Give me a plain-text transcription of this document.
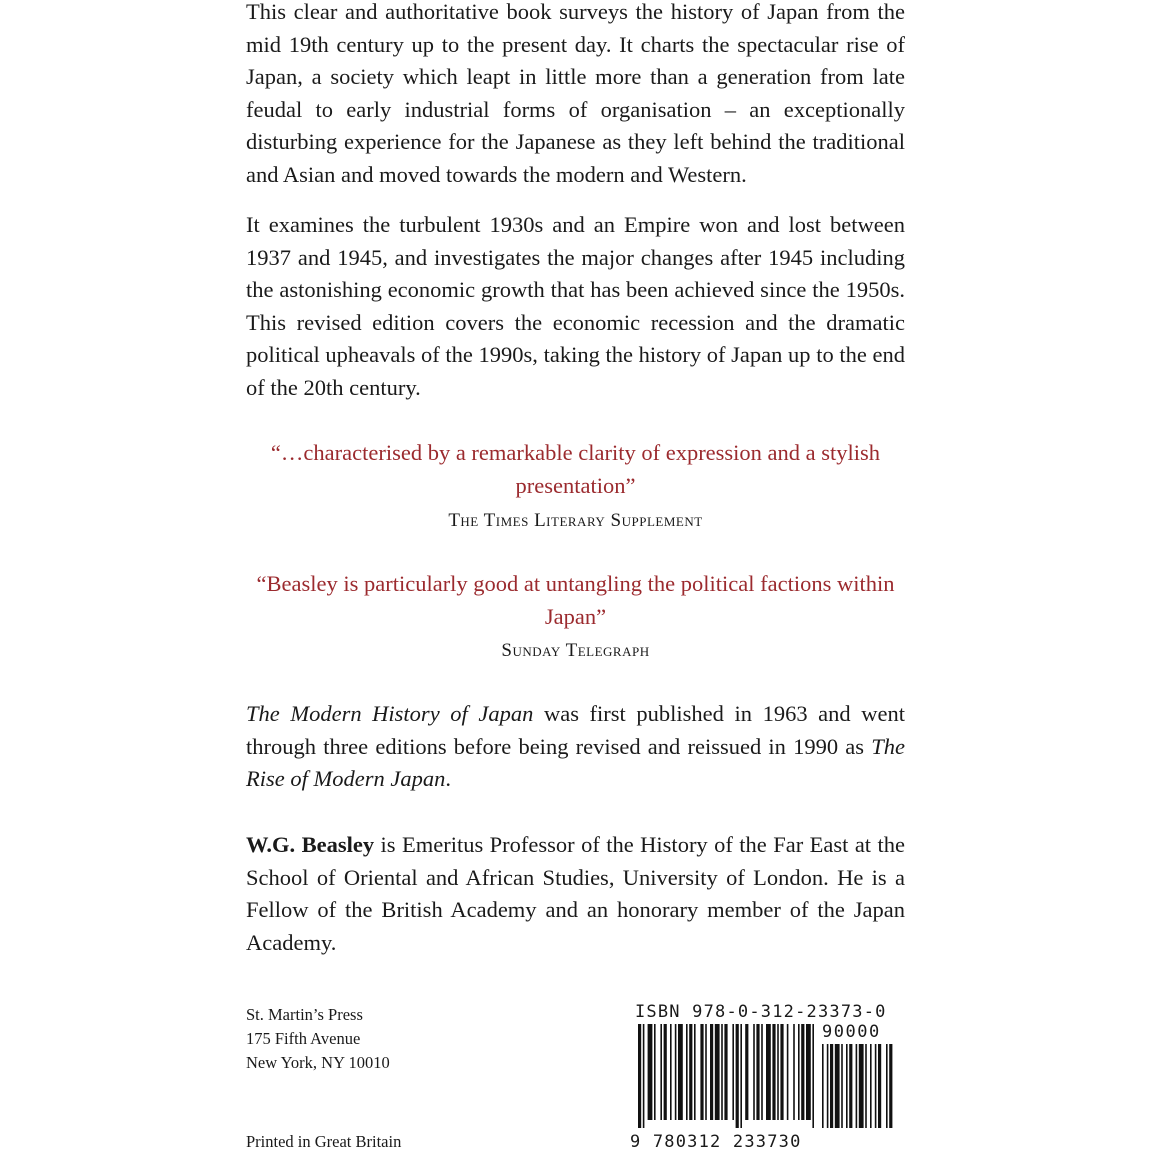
This clear and authoritative book surveys the history of Japan from the mid 19th century up to the present day. It charts the spectacular rise of Japan, a society which leapt in little more than a generation from late feudal to early industrial forms of organisation – an exceptionally disturbing experience for the Japanese as they left behind the traditional and Asian and moved towards the modern and Western.

It examines the turbulent 1930s and an Empire won and lost between 1937 and 1945, and investigates the major changes after 1945 including the astonishing economic growth that has been achieved since the 1950s. This revised edition covers the economic recession and the dramatic political upheavals of the 1990s, taking the history of Japan up to the end of the 20th century.

“…characterised by a remarkable clarity of expression and a stylish presentation”

The Times Literary Supplement

“Beasley is particularly good at untangling the political factions within Japan”

Sunday Telegraph

The Modern History of Japan was first published in 1963 and went through three editions before being revised and reissued in 1990 as The Rise of Modern Japan.

W.G. Beasley is Emeritus Professor of the History of the Far East at the School of Oriental and African Studies, University of London. He is a Fellow of the British Academy and an honorary member of the Japan Academy.

St. Martin’s Press
175 Fifth Avenue
New York, NY 10010
Printed in Great Britain
ISBN 978-0-312-23373-0
90000
9 780312 233730
